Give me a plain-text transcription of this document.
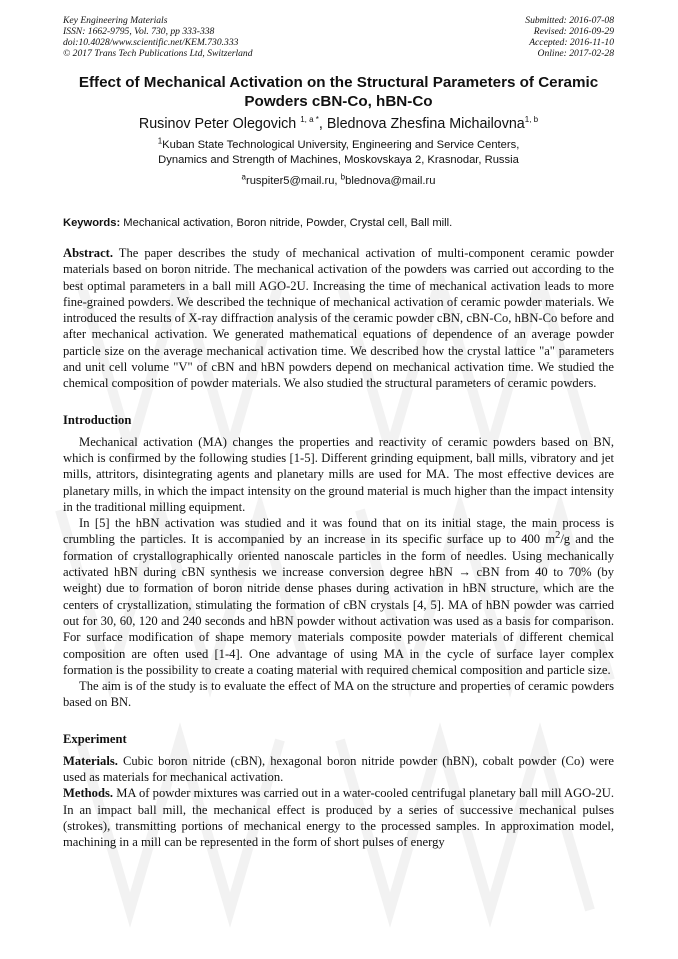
Key Engineering Materials
ISSN: 1662-9795, Vol. 730, pp 333-338
doi:10.4028/www.scientific.net/KEM.730.333
© 2017 Trans Tech Publications Ltd, Switzerland
Submitted: 2016-07-08
Revised: 2016-09-29
Accepted: 2016-11-10
Online: 2017-02-28
Effect of Mechanical Activation on the Structural Parameters of Ceramic
Powders cBN-Co, hBN-Co
Rusinov Peter Olegovich $^{1, a *}$, Blednova Zhesfina Michailovna$^{1, b}$
$^1$Kuban State Technological University, Engineering and Service Centers,
Dynamics and Strength of Machines, Moskovskaya 2, Krasnodar, Russia
$^a$ruspiter5@mail.ru, $^b$blednova@mail.ru
Keywords: Mechanical activation, Boron nitride, Powder, Crystal cell, Ball mill.

Abstract. The paper describes the study of mechanical activation of multi-component ceramic powder materials based on boron nitride. The mechanical activation of the powders was carried out according to the best optimal parameters in a ball mill AGO-2U. Increasing the time of mechanical activation leads to more fine-grained powders. We described the technique of mechanical activation of ceramic powder materials. We introduced the results of X-ray diffraction analysis of the ceramic powder cBN, cBN-Co, hBN-Co before and after mechanical activation. We generated mathematical equations of dependence of an average powder particle size on the average mechanical activation time. We described how the crystal lattice "a" parameters and unit cell volume "V" of cBN and hBN powders depend on mechanical activation time. We studied the chemical composition of powder materials. We also studied the structural parameters of ceramic powders.

Introduction

Mechanical activation (MA) changes the properties and reactivity of ceramic powders based on BN, which is confirmed by the following studies [1-5]. Different grinding equipment, ball mills, vibratory and jet mills, attritors, disintegrating agents and planetary mills are used for MA. The most effective devices are planetary mills, in which the impact intensity on the ground material is much higher than the impact intensity in the traditional milling equipment.

In [5] the hBN activation was studied and it was found that on its initial stage, the main process is crumbling the particles. It is accompanied by an increase in its specific surface up to 400 $m^2/g$ and the formation of crystallographically oriented nanoscale particles in the form of needles. Using mechanically activated hBN during cBN synthesis we increase conversion degree hBN → cBN from 40 to 70% (by weight) due to formation of boron nitride dense phases during activation in hBN structure, which are the centers of crystallization, stimulating the formation of cBN crystals [4, 5]. MA of hBN powder was carried out for 30, 60, 120 and 240 seconds and hBN powder without activation was used as a basis for comparison. For surface modification of shape memory materials composite powder materials of different chemical composition are often used [1-4]. One advantage of using MA in the cycle of surface layer complex formation is the possibility to create a coating material with required chemical composition and particle size.

The aim is of the study is to evaluate the effect of MA on the structure and properties of ceramic powders based on BN.

Experiment

Materials. Cubic boron nitride (cBN), hexagonal boron nitride powder (hBN), cobalt powder (Co) were used as materials for mechanical activation.

Methods. MA of powder mixtures was carried out in a water-cooled centrifugal planetary ball mill AGO-2U. In an impact ball mill, the mechanical effect is produced by a series of successive mechanical pulses (strokes), transmitting portions of mechanical energy to the processed samples. In approximation model, machining in a mill can be represented in the form of short pulses of energy
